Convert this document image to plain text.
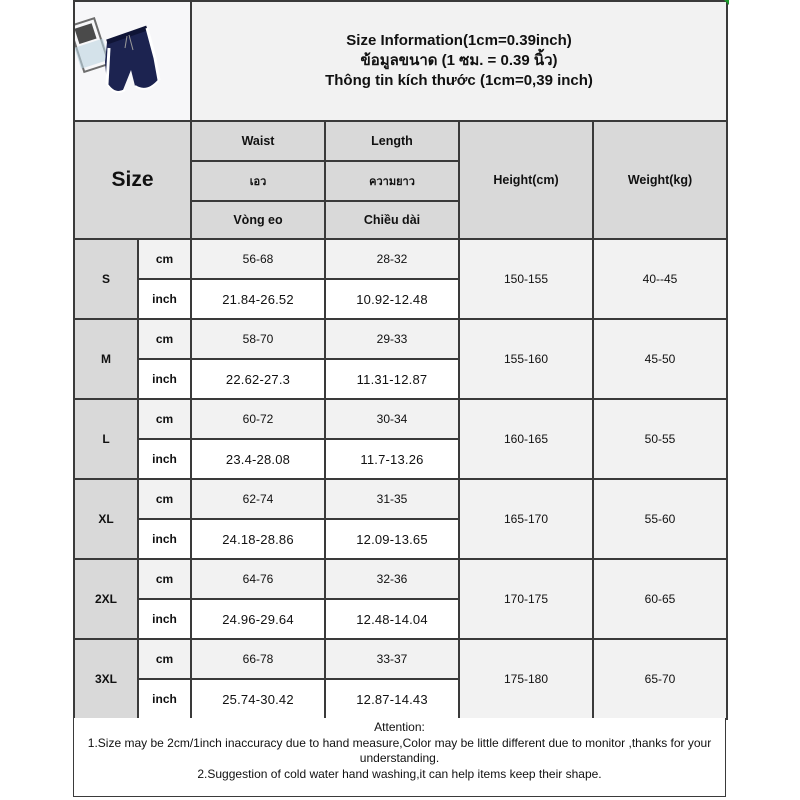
Size Information(1cm=0.39inch)
ข้อมูลขนาด (1 ซม. = 0.39 นิ้ว)
Thông tin kích thước (1cm=0,39 inch)			

Size		Waist	Length	Height(cm)	Weight(kg)
		เอว	ความยาว		
		Vòng eo	Chiều dài		
S	cm	56-68	28-32	150-155	40--45
	inch	21.84-26.52	10.92-12.48		
M	cm	58-70	29-33	155-160	45-50
	inch	22.62-27.3	11.31-12.87		
L	cm	60-72	30-34	160-165	50-55
	inch	23.4-28.08	11.7-13.26		
XL	cm	62-74	31-35	165-170	55-60
	inch	24.18-28.86	12.09-13.65		
2XL	cm	64-76	32-36	170-175	60-65
	inch	24.96-29.64	12.48-14.04		
3XL	cm	66-78	33-37	175-180	65-70
	inch	25.74-30.42	12.87-14.43		
Attention:
1.Size may be 2cm/1inch inaccuracy due to hand measure,Color may be little different due to monitor ,thanks for your understanding.
2.Suggestion of cold water hand washing,it can help items keep their shape.
